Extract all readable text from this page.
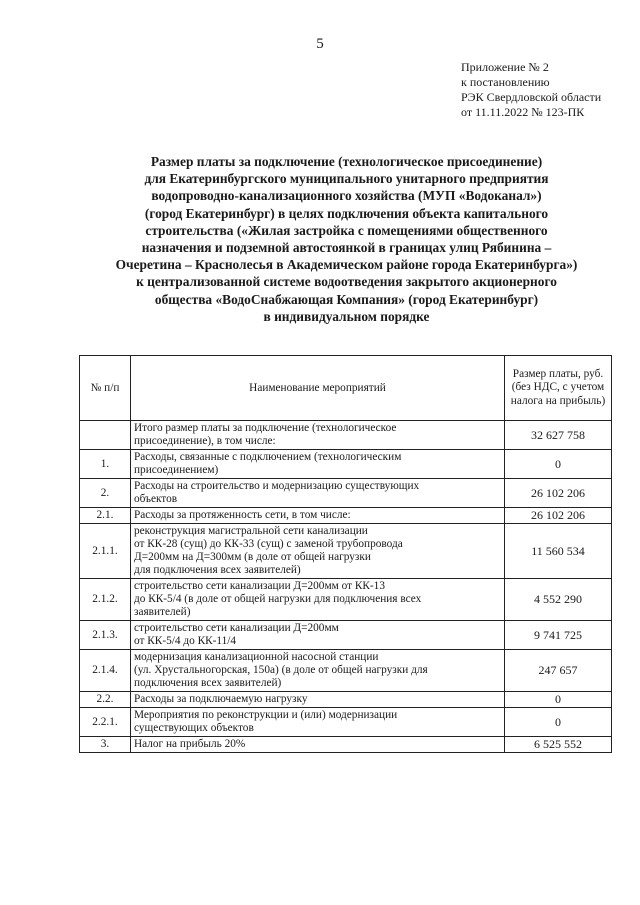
5
Приложение № 2
к постановлению
РЭК Свердловской области
от 11.11.2022 № 123-ПК
Размер платы за подключение (технологическое присоединение)
для Екатеринбургского муниципального унитарного предприятия
водопроводно-канализационного хозяйства (МУП «Водоканал»)
(город Екатеринбург) в целях подключения объекта капитального
строительства («Жилая застройка с помещениями общественного
назначения и подземной автостоянкой в границах улиц Рябинина –
Очеретина – Краснолесья в Академическом районе города Екатеринбурга»)
к централизованной системе водоотведения закрытого акционерного
общества «ВодоСнабжающая Компания» (город Екатеринбург)
в индивидуальном порядке
№ п/п	Наименование мероприятий	Размер платы, руб. (без НДС, с учетом налога на прибыль)

	Итого размер платы за подключение (технологическое
присоединение), в том числе:	32 627 758
1.	Расходы, связанные с подключением (технологическим
присоединением)	0
2.	Расходы на строительство и модернизацию существующих
объектов	26 102 206
2.1.	Расходы за протяженность сети, в том числе:	26 102 206
2.1.1.	реконструкция магистральной сети канализации
от КК-28 (сущ) до КК-33 (сущ) с заменой трубопровода
Д=200мм на Д=300мм (в доле от общей нагрузки
для подключения всех заявителей)	11 560 534
2.1.2.	строительство сети канализации Д=200мм от КК-13
до КК-5/4 (в доле от общей нагрузки для подключения всех
заявителей)	4 552 290
2.1.3.	строительство сети канализации Д=200мм
от КК-5/4 до КК-11/4	9 741 725
2.1.4.	модернизация канализационной насосной станции
(ул. Хрустальногорская, 150а) (в доле от общей нагрузки для
подключения всех заявителей)	247 657
2.2.	Расходы за подключаемую нагрузку	0
2.2.1.	Мероприятия по реконструкции и (или) модернизации
существующих объектов	0
3.	Налог на прибыль 20%	6 525 552
